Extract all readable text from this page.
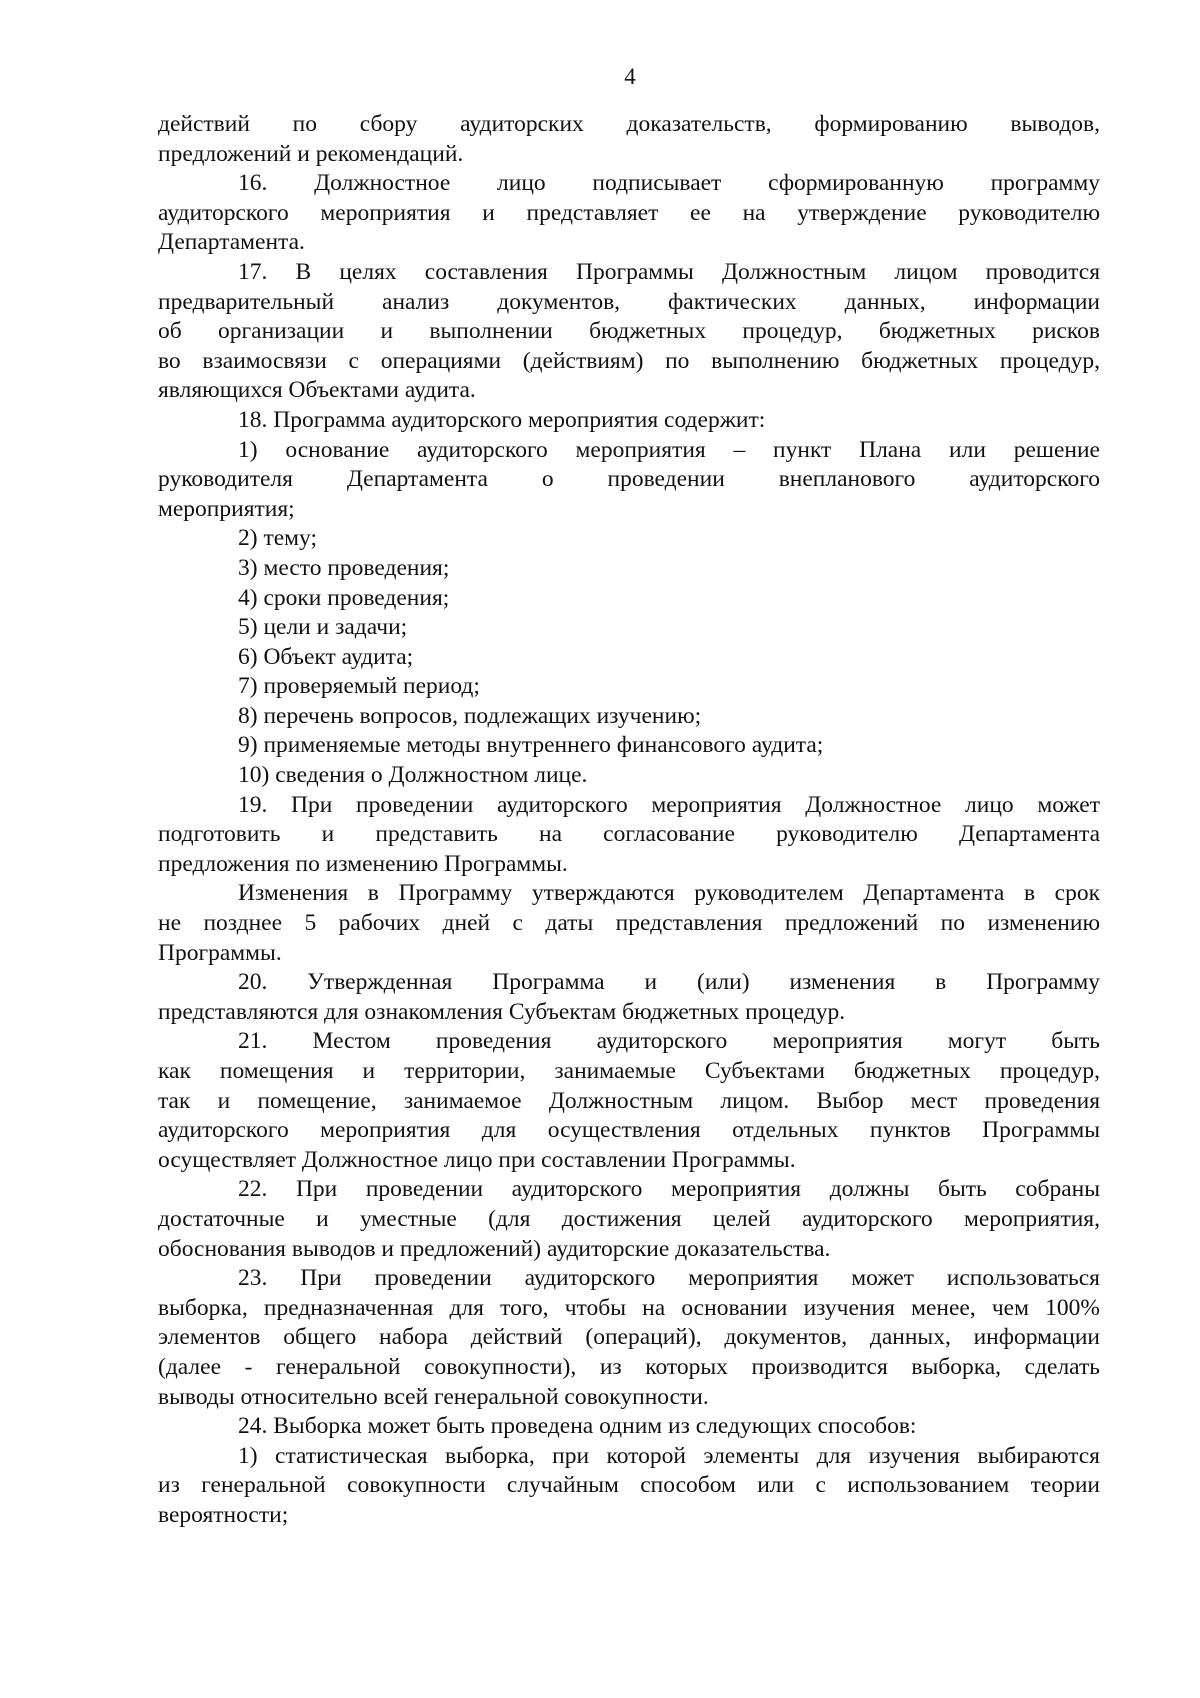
4
действий по сбору аудиторских доказательств, формированию выводов,
предложений и рекомендаций.
16. Должностное лицо подписывает сформированную программу
аудиторского мероприятия и представляет ее на утверждение руководителю
Департамента.
17. В целях составления Программы Должностным лицом проводится
предварительный анализ документов, фактических данных, информации
об организации и выполнении бюджетных процедур, бюджетных рисков
во взаимосвязи с операциями (действиям) по выполнению бюджетных процедур,
являющихся Объектами аудита.
18. Программа аудиторского мероприятия содержит:
1) основание аудиторского мероприятия – пункт Плана или решение
руководителя Департамента о проведении внепланового аудиторского
мероприятия;
2) тему;
3) место проведения;
4) сроки проведения;
5) цели и задачи;
6) Объект аудита;
7) проверяемый период;
8) перечень вопросов, подлежащих изучению;
9) применяемые методы внутреннего финансового аудита;
10) сведения о Должностном лице.
19. При проведении аудиторского мероприятия Должностное лицо может
подготовить и представить на согласование руководителю Департамента
предложения по изменению Программы.
Изменения в Программу утверждаются руководителем Департамента в срок
не позднее 5 рабочих дней с даты представления предложений по изменению
Программы.
20. Утвержденная Программа и (или) изменения в Программу
представляются для ознакомления Субъектам бюджетных процедур.
21. Местом проведения аудиторского мероприятия могут быть
как помещения и территории, занимаемые Субъектами бюджетных процедур,
так и помещение, занимаемое Должностным лицом. Выбор мест проведения
аудиторского мероприятия для осуществления отдельных пунктов Программы
осуществляет Должностное лицо при составлении Программы.
22. При проведении аудиторского мероприятия должны быть собраны
достаточные и уместные (для достижения целей аудиторского мероприятия,
обоснования выводов и предложений) аудиторские доказательства.
23. При проведении аудиторского мероприятия может использоваться
выборка, предназначенная для того, чтобы на основании изучения менее, чем 100%
элементов общего набора действий (операций), документов, данных, информации
(далее - генеральной совокупности), из которых производится выборка, сделать
выводы относительно всей генеральной совокупности.
24. Выборка может быть проведена одним из следующих способов:
1) статистическая выборка, при которой элементы для изучения выбираются
из генеральной совокупности случайным способом или с использованием теории
вероятности;
